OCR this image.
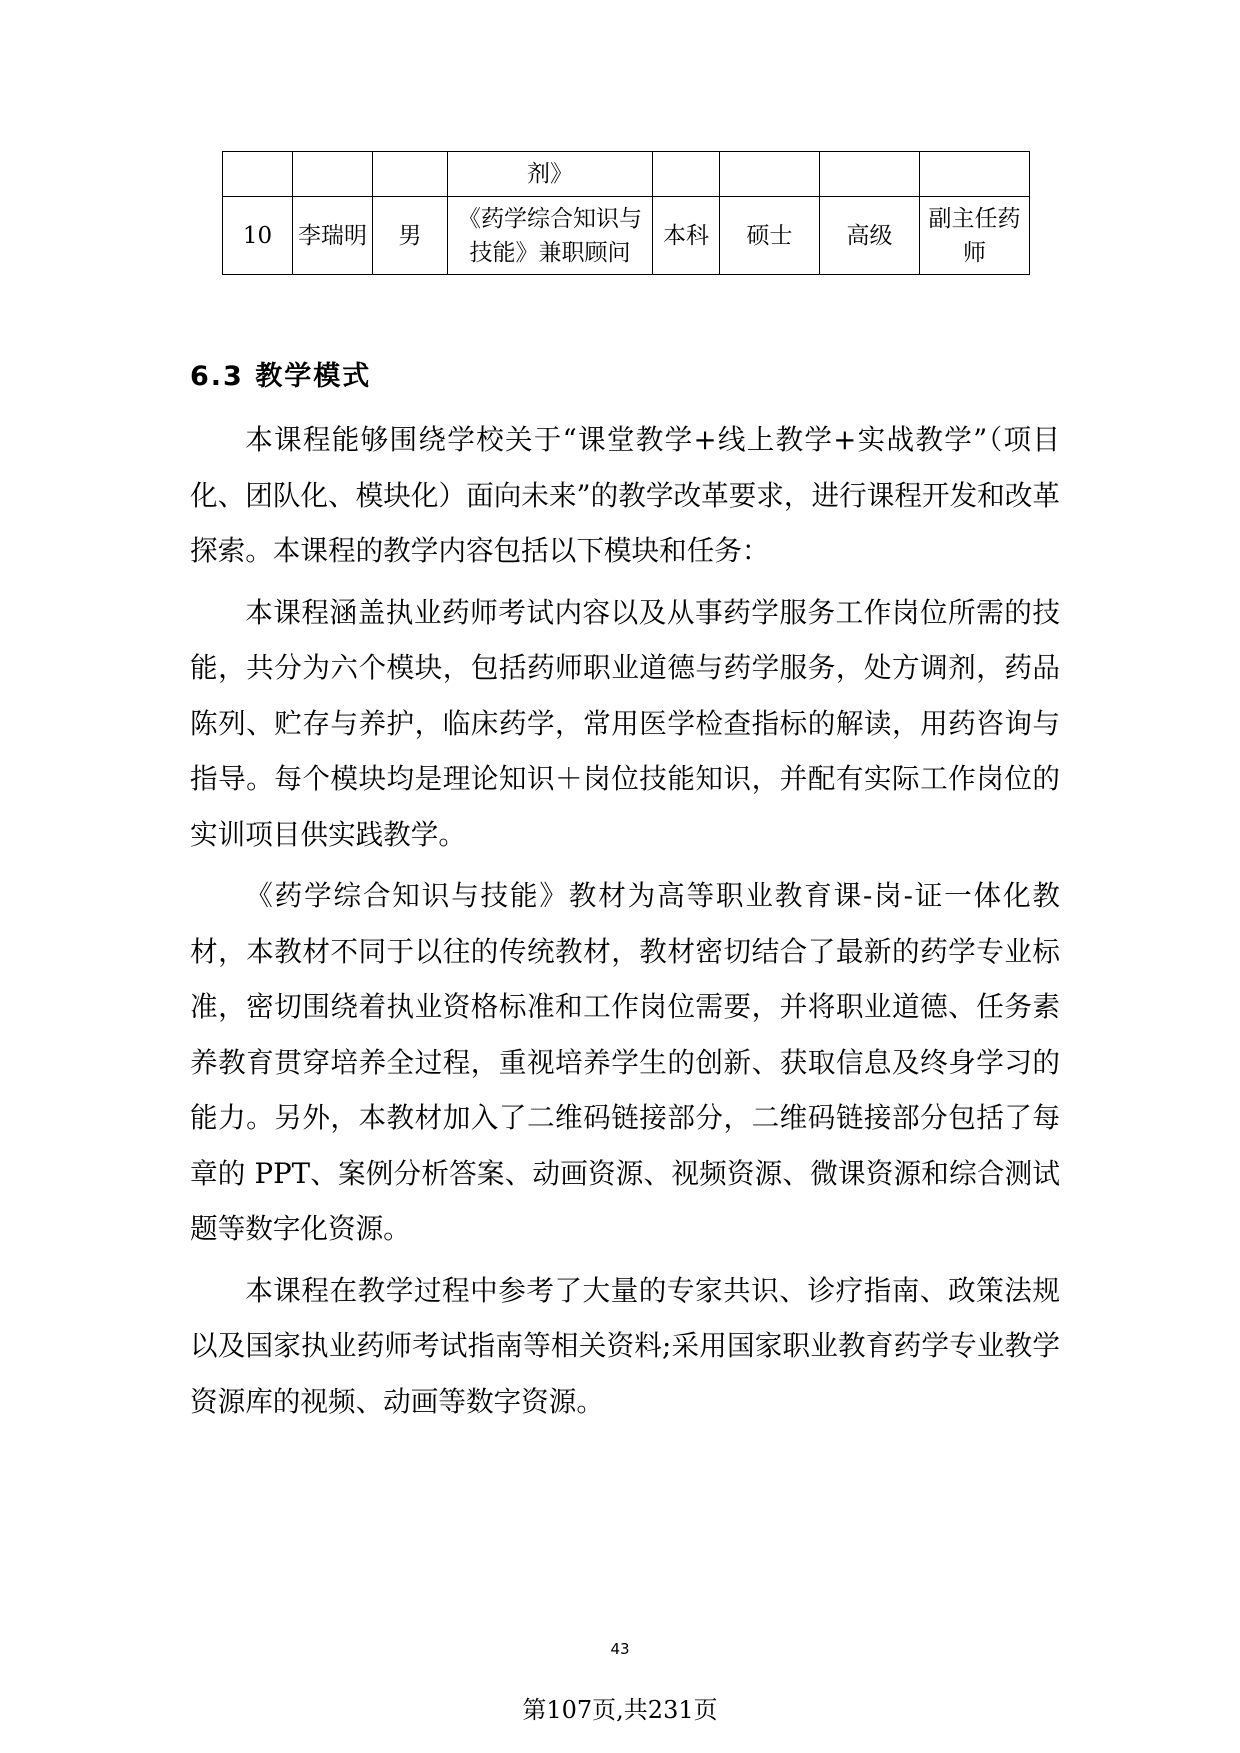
			剂》				
10	李瑞明	男	《药学综合知识与技能》兼职顾问	本科	硕士	高级	副主任药师
6.3 教学模式

本课程能够围绕学校关于“课堂教学+线上教学+实战教学”（项目化、团队化、模块化）面向未来”的教学改革要求，进行课程开发和改革探索。本课程的教学内容包括以下模块和任务：

本课程涵盖执业药师考试内容以及从事药学服务工作岗位所需的技能，共分为六个模块，包括药师职业道德与药学服务，处方调剂，药品陈列、贮存与养护，临床药学，常用医学检查指标的解读，用药咨询与指导。每个模块均是理论知识＋岗位技能知识，并配有实际工作岗位的实训项目供实践教学。

《药学综合知识与技能》教材为高等职业教育课-岗-证一体化教材，本教材不同于以往的传统教材，教材密切结合了最新的药学专业标准，密切围绕着执业资格标准和工作岗位需要，并将职业道德、任务素养教育贯穿培养全过程，重视培养学生的创新、获取信息及终身学习的能力。另外，本教材加入了二维码链接部分，二维码链接部分包括了每章的 PPT、案例分析答案、动画资源、视频资源、微课资源和综合测试题等数字化资源。

本课程在教学过程中参考了大量的专家共识、诊疗指南、政策法规以及国家执业药师考试指南等相关资料;采用国家职业教育药学专业教学资源库的视频、动画等数字资源。

43
第107页,共231页
